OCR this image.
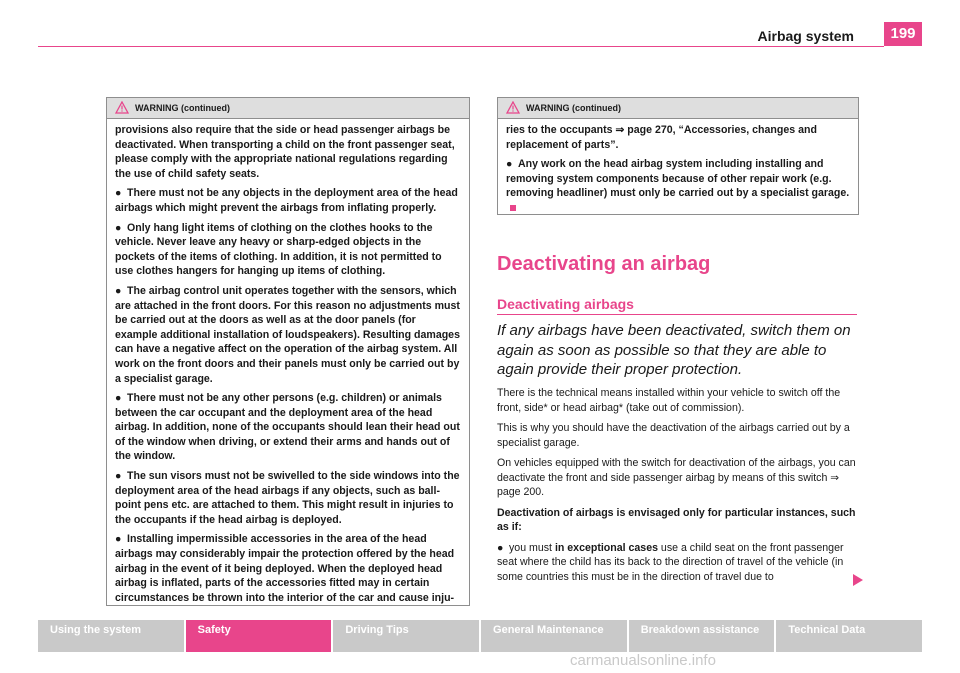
Airbag system	199
WARNING (continued)

provisions also require that the side or head passenger airbags be deactivated. When transporting a child on the front passenger seat, please comply with the appropriate national regulations regarding the use of child safety seats.

● There must not be any objects in the deployment area of the head airbags which might prevent the airbags from inflating properly.

● Only hang light items of clothing on the clothes hooks to the vehicle. Never leave any heavy or sharp-edged objects in the pockets of the items of clothing. In addition, it is not permitted to use clothes hangers for hanging up items of clothing.

● The airbag control unit operates together with the sensors, which are attached in the front doors. For this reason no adjustments must be carried out at the doors as well as at the door panels (for example additional installation of loudspeakers). Resulting damages can have a negative affect on the operation of the airbag system. All work on the front doors and their panels must only be carried out by a specialist garage.

● There must not be any other persons (e.g. children) or animals between the car occupant and the deployment area of the head airbag. In addition, none of the occupants should lean their head out of the window when driving, or extend their arms and hands out of the window.

● The sun visors must not be swivelled to the side windows into the deployment area of the head airbags if any objects, such as ball-point pens etc. are attached to them. This might result in injuries to the occupants if the head airbag is deployed.

● Installing impermissible accessories in the area of the head airbags may considerably impair the protection offered by the head airbag in the event of it being deployed. When the deployed head airbag is inflated, parts of the accessories fitted may in certain circumstances be thrown into the interior of the car and cause inju-

WARNING (continued)

ries to the occupants ⇒ page 270, “Accessories, changes and replacement of parts”.

● Any work on the head airbag system including installing and removing system components because of other repair work (e.g. removing headliner) must only be carried out by a specialist garage.

Deactivating an airbag
Deactivating airbags
If any airbags have been deactivated, switch them on again as soon as possible so that they are able to again provide their proper protection.

There is the technical means installed within your vehicle to switch off the front, side* or head airbag* (take out of commission).

This is why you should have the deactivation of the airbags carried out by a specialist garage.

On vehicles equipped with the switch for deactivation of the airbags, you can deactivate the front and side passenger airbag by means of this switch ⇒ page 200.

Deactivation of airbags is envisaged only for particular instances, such as if:

● you must in exceptional cases use a child seat on the front passenger seat where the child has its back to the direction of travel of the vehicle (in some countries this must be in the direction of travel due to

Using the system	Safety	Driving Tips	General Maintenance	Breakdown assistance	Technical Data
carmanualsonline.info
